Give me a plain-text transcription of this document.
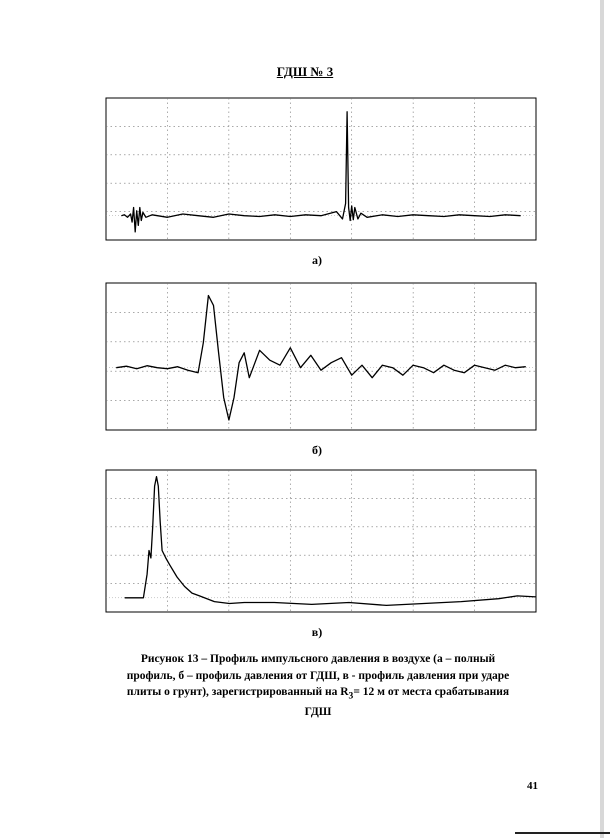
ГДШ № 3
а)
б)
в)
Рисунок 13 – Профиль импульсного давления в воздухе (а – полный профиль, б – профиль давления от ГДШ, в - профиль давления при ударе плиты о грунт), зарегистрированный на $R_3= 12$ м от места срабатывания ГДШ
41
